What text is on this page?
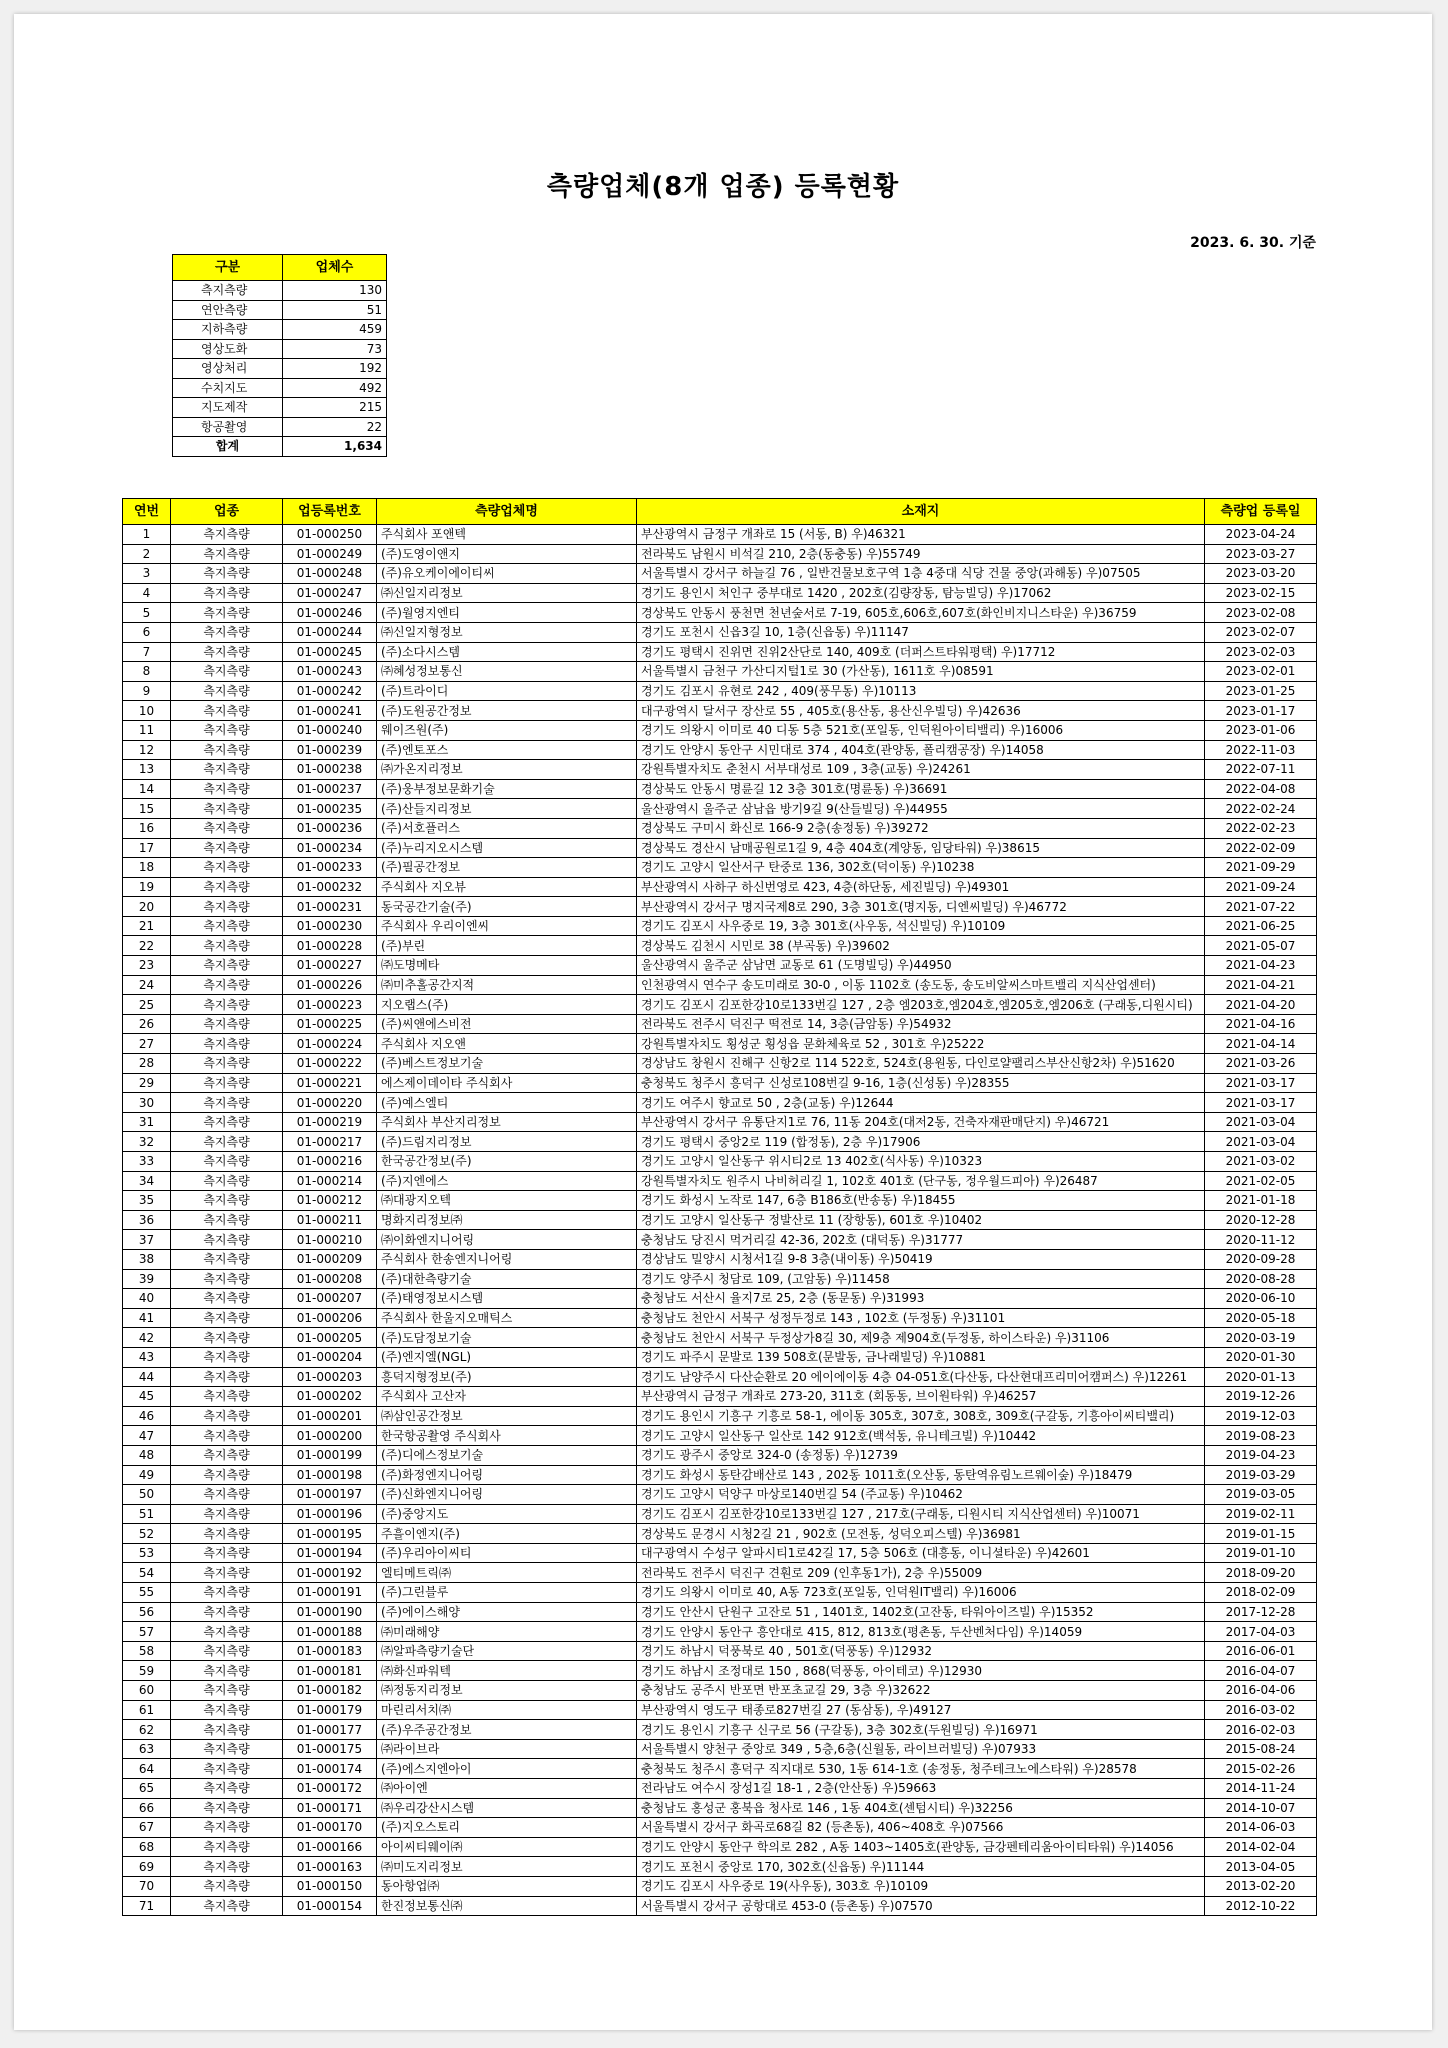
측량업체(8개 업종) 등록현황
2023. 6. 30. 기준
구분	업체수
측지측량	130
연안측량	51
지하측량	459
영상도화	73
영상처리	192
수치지도	492
지도제작	215
항공촬영	22
합계	1,634
연번	업종	업등록번호	측량업체명	소재지	측량업 등록일
1	측지측량	01-000250	주식회사 포앤텍	부산광역시 금정구 개좌로 15 (서동, B) 우)46321	2023-04-24
2	측지측량	01-000249	(주)도영이앤지	전라북도 남원시 비석길 210, 2층(동충동) 우)55749	2023-03-27
3	측지측량	01-000248	(주)유오케이에이티씨	서울특별시 강서구 하늘길 76 , 일반건물보호구역 1층 4중대 식당 건물 중앙(과해동) 우)07505	2023-03-20
4	측지측량	01-000247	㈜신일지리정보	경기도 용인시 처인구 중부대로 1420 , 202호(김량장동, 탐능빌딩) 우)17062	2023-02-15
5	측지측량	01-000246	(주)월영지엔티	경상북도 안동시 풍천면 천년숲서로 7-19, 605호,606호,607호(화인비지니스타운) 우)36759	2023-02-08
6	측지측량	01-000244	㈜신일지형정보	경기도 포천시 신읍3길 10, 1층(신읍동) 우)11147	2023-02-07
7	측지측량	01-000245	(주)소다시스템	경기도 평택시 진위면 진위2산단로 140, 409호 (더퍼스트타워평택) 우)17712	2023-02-03
8	측지측량	01-000243	㈜혜성정보통신	서울특별시 금천구 가산디지털1로 30 (가산동), 1611호 우)08591	2023-02-01
9	측지측량	01-000242	(주)트라이디	경기도 김포시 유현로 242 , 409(풍무동) 우)10113	2023-01-25
10	측지측량	01-000241	(주)도원공간정보	대구광역시 달서구 장산로 55 , 405호(용산동, 용산신우빌딩) 우)42636	2023-01-17
11	측지측량	01-000240	웨이즈원(주)	경기도 의왕시 이미로 40 디동 5층 521호(포일동, 인덕원아이티밸리) 우)16006	2023-01-06
12	측지측량	01-000239	(주)엔토포스	경기도 안양시 동안구 시민대로 374 , 404호(관양동, 폴리캠공장) 우)14058	2022-11-03
13	측지측량	01-000238	㈜가온지리정보	강원특별자치도 춘천시 서부대성로 109 , 3층(교동) 우)24261	2022-07-11
14	측지측량	01-000237	(주)웅부정보문화기술	경상북도 안동시 명륜길 12 3층 301호(명륜동) 우)36691	2022-04-08
15	측지측량	01-000235	(주)산들지리정보	울산광역시 울주군 삼남읍 방기9길 9(산들빌딩) 우)44955	2022-02-24
16	측지측량	01-000236	(주)서호플러스	경상북도 구미시 화신로 166-9 2층(송정동) 우)39272	2022-02-23
17	측지측량	01-000234	(주)누리지오시스템	경상북도 경산시 남매공원로1길 9, 4층 404호(계양동, 임당타워) 우)38615	2022-02-09
18	측지측량	01-000233	(주)필공간정보	경기도 고양시 일산서구 탄중로 136, 302호(덕이동) 우)10238	2021-09-29
19	측지측량	01-000232	주식회사 지오뷰	부산광역시 사하구 하신번영로 423, 4층(하단동, 세진빌딩) 우)49301	2021-09-24
20	측지측량	01-000231	동국공간기술(주)	부산광역시 강서구 명지국제8로 290, 3층 301호(명지동, 디엔씨빌딩) 우)46772	2021-07-22
21	측지측량	01-000230	주식회사 우리이엔씨	경기도 김포시 사우중로 19, 3층 301호(사우동, 석신빌딩) 우)10109	2021-06-25
22	측지측량	01-000228	(주)부린	경상북도 김천시 시민로 38 (부곡동) 우)39602	2021-05-07
23	측지측량	01-000227	㈜도명메타	울산광역시 울주군 삼남면 교동로 61 (도명빌딩) 우)44950	2021-04-23
24	측지측량	01-000226	㈜미추홀공간지적	인천광역시 연수구 송도미래로 30-0 , 이동 1102호 (송도동, 송도비알씨스마트밸리 지식산업센터)	2021-04-21
25	측지측량	01-000223	지오랩스(주)	경기도 김포시 김포한강10로133번길 127 , 2층 엠203호,엠204호,엠205호,엠206호 (구래동,디원시티)	2021-04-20
26	측지측량	01-000225	(주)씨앤에스비전	전라북도 전주시 덕진구 떡전로 14, 3층(금암동) 우)54932	2021-04-16
27	측지측량	01-000224	주식회사 지오앤	강원특별자치도 횡성군 횡성읍 문화체육로 52 , 301호 우)25222	2021-04-14
28	측지측량	01-000222	(주)베스트정보기술	경상남도 창원시 진해구 신항2로 114 522호, 524호(용원동, 다인로얄팰리스부산신항2차) 우)51620	2021-03-26
29	측지측량	01-000221	에스제이데이타 주식회사	충청북도 청주시 흥덕구 신성로108번길 9-16, 1층(신성동) 우)28355	2021-03-17
30	측지측량	01-000220	(주)예스엘티	경기도 여주시 향교로 50 , 2층(교동) 우)12644	2021-03-17
31	측지측량	01-000219	주식회사 부산지리정보	부산광역시 강서구 유통단지1로 76, 11동 204호(대저2동, 건축자재판매단지) 우)46721	2021-03-04
32	측지측량	01-000217	(주)드림지리정보	경기도 평택시 중앙2로 119 (합정동), 2층 우)17906	2021-03-04
33	측지측량	01-000216	한국공간정보(주)	경기도 고양시 일산동구 위시티2로 13 402호(식사동) 우)10323	2021-03-02
34	측지측량	01-000214	(주)지엔에스	강원특별자치도 원주시 나비허리길 1, 102호 401호 (단구동, 정우월드피아) 우)26487	2021-02-05
35	측지측량	01-000212	㈜대광지오텍	경기도 화성시 노작로 147, 6층 B186호(반송동) 우)18455	2021-01-18
36	측지측량	01-000211	명화지리정보㈜	경기도 고양시 일산동구 정발산로 11 (장항동), 601호 우)10402	2020-12-28
37	측지측량	01-000210	㈜이화엔지니어링	충청남도 당진시 먹거리길 42-36, 202호 (대덕동) 우)31777	2020-11-12
38	측지측량	01-000209	주식회사 한송엔지니어링	경상남도 밀양시 시청서1길 9-8 3층(내이동) 우)50419	2020-09-28
39	측지측량	01-000208	(주)대한측량기술	경기도 양주시 청담로 109, (고암동) 우)11458	2020-08-28
40	측지측량	01-000207	(주)태영정보시스템	충청남도 서산시 율지7로 25, 2층 (동문동) 우)31993	2020-06-10
41	측지측량	01-000206	주식회사 한울지오매틱스	충청남도 천안시 서북구 성정두정로 143 , 102호 (두정동) 우)31101	2020-05-18
42	측지측량	01-000205	(주)도담정보기술	충청남도 천안시 서북구 두정상가8길 30, 제9층 제904호(두정동, 하이스타운) 우)31106	2020-03-19
43	측지측량	01-000204	(주)엔지엘(NGL)	경기도 파주시 문발로 139 508호(문발동, 금나래빌딩) 우)10881	2020-01-30
44	측지측량	01-000203	흥덕지형정보(주)	경기도 남양주시 다산순환로 20 에이에이동 4층 04-051호(다산동, 다산현대프리미어캠퍼스) 우)12261	2020-01-13
45	측지측량	01-000202	주식회사 고산자	부산광역시 금정구 개좌로 273-20, 311호 (회동동, 브이원타워) 우)46257	2019-12-26
46	측지측량	01-000201	㈜삼인공간정보	경기도 용인시 기흥구 기흥로 58-1, 에이동 305호, 307호, 308호, 309호(구갈동, 기흥아이씨티밸리)	2019-12-03
47	측지측량	01-000200	한국항공촬영 주식회사	경기도 고양시 일산동구 일산로 142 912호(백석동, 유니테크빌) 우)10442	2019-08-23
48	측지측량	01-000199	(주)디에스정보기술	경기도 광주시 중앙로 324-0 (송정동) 우)12739	2019-04-23
49	측지측량	01-000198	(주)화정엔지니어링	경기도 화성시 동탄감배산로 143 , 202동 1011호(오산동, 동탄역유림노르웨이숲) 우)18479	2019-03-29
50	측지측량	01-000197	(주)신화엔지니어링	경기도 고양시 덕양구 마상로140번길 54 (주교동) 우)10462	2019-03-05
51	측지측량	01-000196	(주)중앙지도	경기도 김포시 김포한강10로133번길 127 , 217호(구래동, 디원시티 지식산업센터) 우)10071	2019-02-11
52	측지측량	01-000195	주흘이엔지(주)	경상북도 문경시 시청2길 21 , 902호 (모전동, 성덕오피스텔) 우)36981	2019-01-15
53	측지측량	01-000194	(주)우리아이씨티	대구광역시 수성구 알파시티1로42길 17, 5층 506호 (대흥동, 이니셜타운) 우)42601	2019-01-10
54	측지측량	01-000192	엘티메트릭㈜	전라북도 전주시 덕진구 견훤로 209 (인후동1가), 2층 우)55009	2018-09-20
55	측지측량	01-000191	(주)그린블루	경기도 의왕시 이미로 40, A동 723호(포일동, 인덕원IT밸리) 우)16006	2018-02-09
56	측지측량	01-000190	(주)에이스해양	경기도 안산시 단원구 고잔로 51 , 1401호, 1402호(고잔동, 타워아이즈빌) 우)15352	2017-12-28
57	측지측량	01-000188	㈜미래해양	경기도 안양시 동안구 흥안대로 415, 812, 813호(평촌동, 두산벤처다임) 우)14059	2017-04-03
58	측지측량	01-000183	㈜알파측량기술단	경기도 하남시 덕풍북로 40 , 501호(덕풍동) 우)12932	2016-06-01
59	측지측량	01-000181	㈜화신파워텍	경기도 하남시 조정대로 150 , 868(덕풍동, 아이테코) 우)12930	2016-04-07
60	측지측량	01-000182	㈜정동지리정보	충청남도 공주시 반포면 반포초교길 29, 3층 우)32622	2016-04-06
61	측지측량	01-000179	마린리서치㈜	부산광역시 영도구 태종로827번길 27 (동삼동), 우)49127	2016-03-02
62	측지측량	01-000177	(주)우주공간정보	경기도 용인시 기흥구 신구로 56 (구갈동), 3층 302호(두원빌딩) 우)16971	2016-02-03
63	측지측량	01-000175	㈜라이브라	서울특별시 양천구 중앙로 349 , 5층,6층(신월동, 라이브러빌딩) 우)07933	2015-08-24
64	측지측량	01-000174	(주)에스지엔아이	충청북도 청주시 흥덕구 직지대로 530, 1동 614-1호 (송정동, 청주테크노에스타워) 우)28578	2015-02-26
65	측지측량	01-000172	㈜아이엔	전라남도 여수시 장성1길 18-1 , 2층(안산동) 우)59663	2014-11-24
66	측지측량	01-000171	㈜우리강산시스템	충청남도 홍성군 홍북읍 청사로 146 , 1동 404호(센텀시티) 우)32256	2014-10-07
67	측지측량	01-000170	(주)지오스토리	서울특별시 강서구 화곡로68길 82 (등촌동), 406~408호 우)07566	2014-06-03
68	측지측량	01-000166	아이씨티웨이㈜	경기도 안양시 동안구 학의로 282 , A동 1403~1405호(관양동, 금강펜테리움아이티타워) 우)14056	2014-02-04
69	측지측량	01-000163	㈜미도지리정보	경기도 포천시 중앙로 170, 302호(신읍동) 우)11144	2013-04-05
70	측지측량	01-000150	동아항업㈜	경기도 김포시 사우중로 19(사우동), 303호 우)10109	2013-02-20
71	측지측량	01-000154	한진정보통신㈜	서울특별시 강서구 공항대로 453-0 (등촌동) 우)07570	2012-10-22
